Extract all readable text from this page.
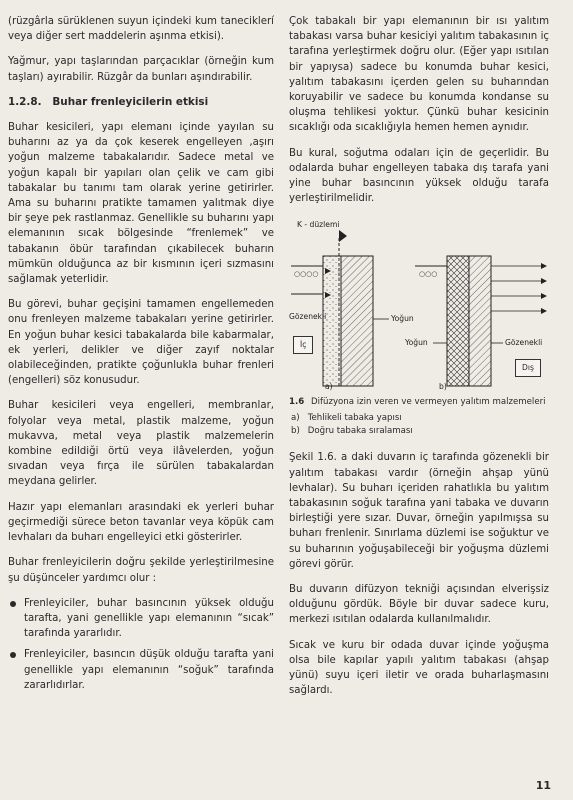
(rüzgârla sürüklenen suyun içindeki kum taneciklerí veya diğer sert maddelerin aşınma etkisi).

Yağmur, yapı taşlarından parçacıklar (örneğin kum taşları) ayırabilir. Rüzgâr da bunları aşındırabilir.

1.2.8. Buhar frenleyicilerin etkisi

Buhar kesicileri, yapı elemanı içinde yayılan su buharını az ya da çok keserek engelleyen ,aşırı yoğun malzeme tabakalarıdır. Sadece metal ve yoğun kapalı bir yapıları olan çelik ve cam gibi tabakalar bu tanımı tam olarak yerine getirirler. Ama su buharını pratikte tamamen yalıtmak diye bir şeye pek rastlanmaz. Genellikle su buharını yapı elemanının sıcak bölgesinde “frenlemek” ve tabakanın öbür tarafından çıkabilecek buharın mümkün olduğunca az bir kısmının içeri sızmasını sağlamak yeterlidir.

Bu görevi, buhar geçişini tamamen engellemeden onu frenleyen malzeme tabakaları yerine getirirler. En yoğun buhar kesici tabakalarda bile kabarmalar, ek yerleri, delikler ve diğer zayıf noktalar olabileceğinden, pratikte çoğunlukla buhar frenleri (engelleri) söz konusudur.

Buhar kesicileri veya engelleri, membranlar, folyolar veya metal, plastik malzeme, yoğun mukavva, metal veya plastik malzemelerin kombine edildiği örtü veya ilâvelerden, yoğun sıvadan veya fırça ile sürülen tabakalardan meydana gelirler.

Hazır yapı elemanları arasındaki ek yerleri buhar geçirmediği sürece beton tavanlar veya köpük cam levhaları da buharı engelleyici etki gösterirler.

Buhar frenleyicilerin doğru şekilde yerleştirilmesine şu düşünceler yardımcı olur :

Frenleyiciler, buhar basıncının yüksek olduğu tarafta, yani genellikle yapı elemanının “sıcak” tarafında yararlıdır.
Frenleyiciler, basıncın düşük olduğu tarafta yani genellikle yapı elemanının “soğuk” tarafında zararlıdırlar.

Çok tabakalı bir yapı elemanının bir ısı yalıtım tabakası varsa buhar kesiciyi yalıtım tabakasının iç tarafına yerleştirmek doğru olur. (Eğer yapı ısıtılan bir yapıysa) sadece bu konumda buhar kesici, yalıtım tabakasını içerden gelen su buharından koruyabilir ve sadece bu konumda kondanse su oluşma tehlikesi yoktur. Çünkü buhar kesicinin sıcaklığı oda sıcaklığıyla hemen hemen aynıdır.

Bu kural, soğutma odaları için de geçerlidir. Bu odalarda buhar engelleyen tabaka dış tarafa yani yine buhar basıncının yüksek olduğu tarafa yerleştirilmelidir.

○○○○	○○○
K - düzlemi
Gözenekli	Yoğun
İç	Yoğun	Gözenekli
Dış
a)	b)
1.6 Difüzyona izin veren ve vermeyen yalıtım malzemeleri
a) Tehlikeli tabaka yapısı
b) Doğru tabaka sıralaması

Şekil 1.6. a daki duvarın iç tarafında gözenekli bir yalıtım tabakası vardır (örneğin ahşap yünü levhalar). Su buharı içeriden rahatlıkla bu yalıtım tabakasının soğuk tarafına yani tabaka ve duvarın birleştiği yere sızar. Duvar, örneğin yapılmışsa su buharı frenlenir. Sınırlama düzlemi ise soğuktur ve su buharının yoğuşabileceği bir yoğuşma düzlemi görevi görür.

Bu duvarın difüzyon tekniği açısından elverişsiz olduğunu gördük. Böyle bir duvar sadece kuru, merkezi ısıtılan odalarda kullanılmalıdır.

Sıcak ve kuru bir odada duvar içinde yoğuşma olsa bile kapılar yapılı yalıtım tabakası (ahşap yünü) suyu içeri iletir ve orada buharlaşmasını sağlardı.

11
